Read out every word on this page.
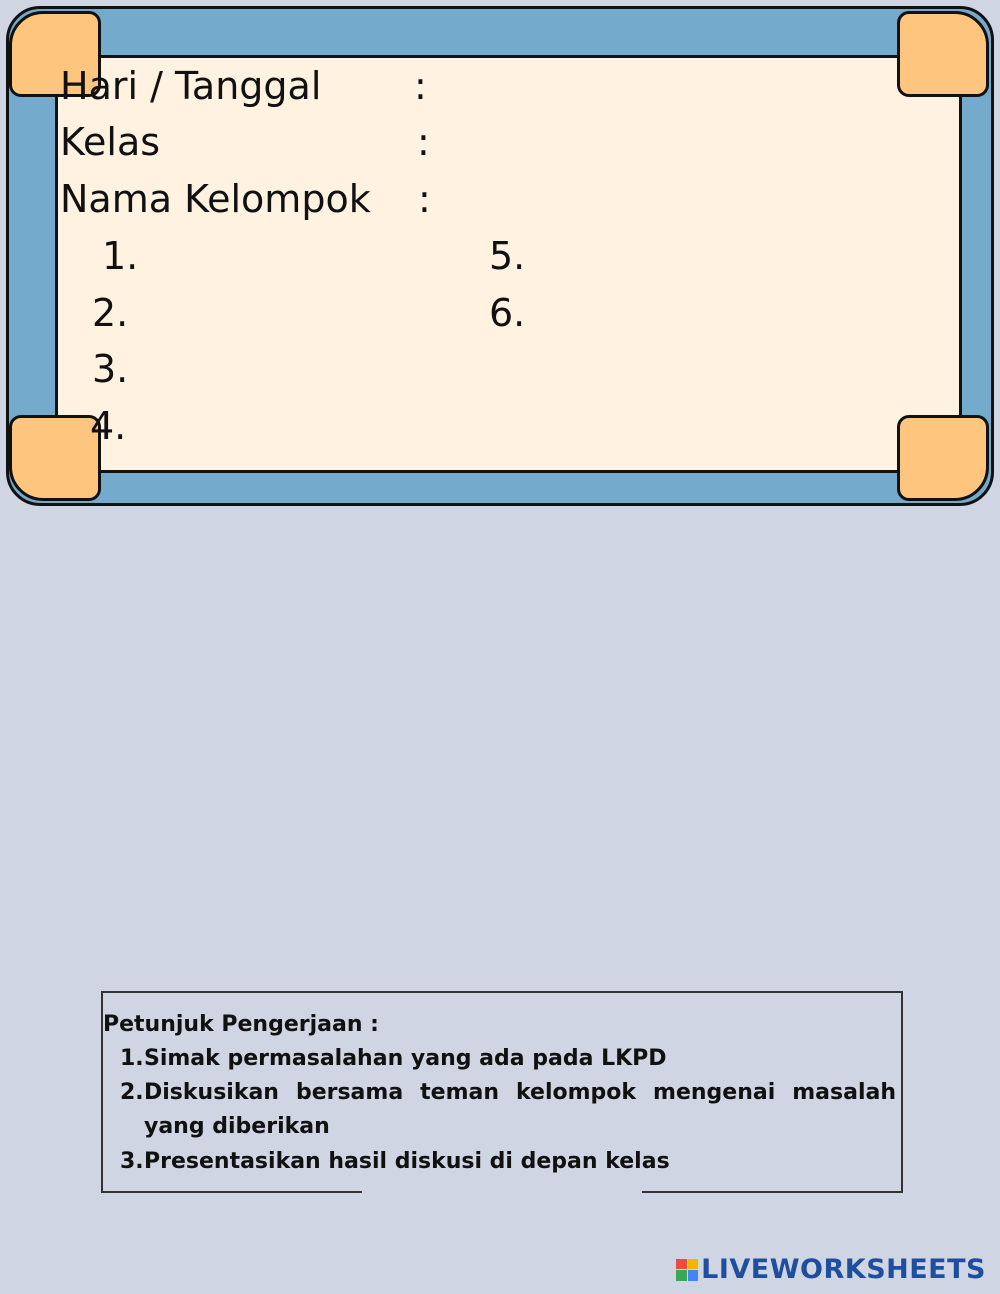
Hari / Tanggal :
Kelas	:
Nama Kelompok :
1.
2.
3.
4.
5.
6.
Petunjuk Pengerjaan :
1.Simak permasalahan yang ada pada LKPD
2. Diskusikan bersama teman kelompok mengenai masalah
yang diberikan
3.Presentasikan hasil diskusi di depan kelas
LIVEWORKSHEETS
